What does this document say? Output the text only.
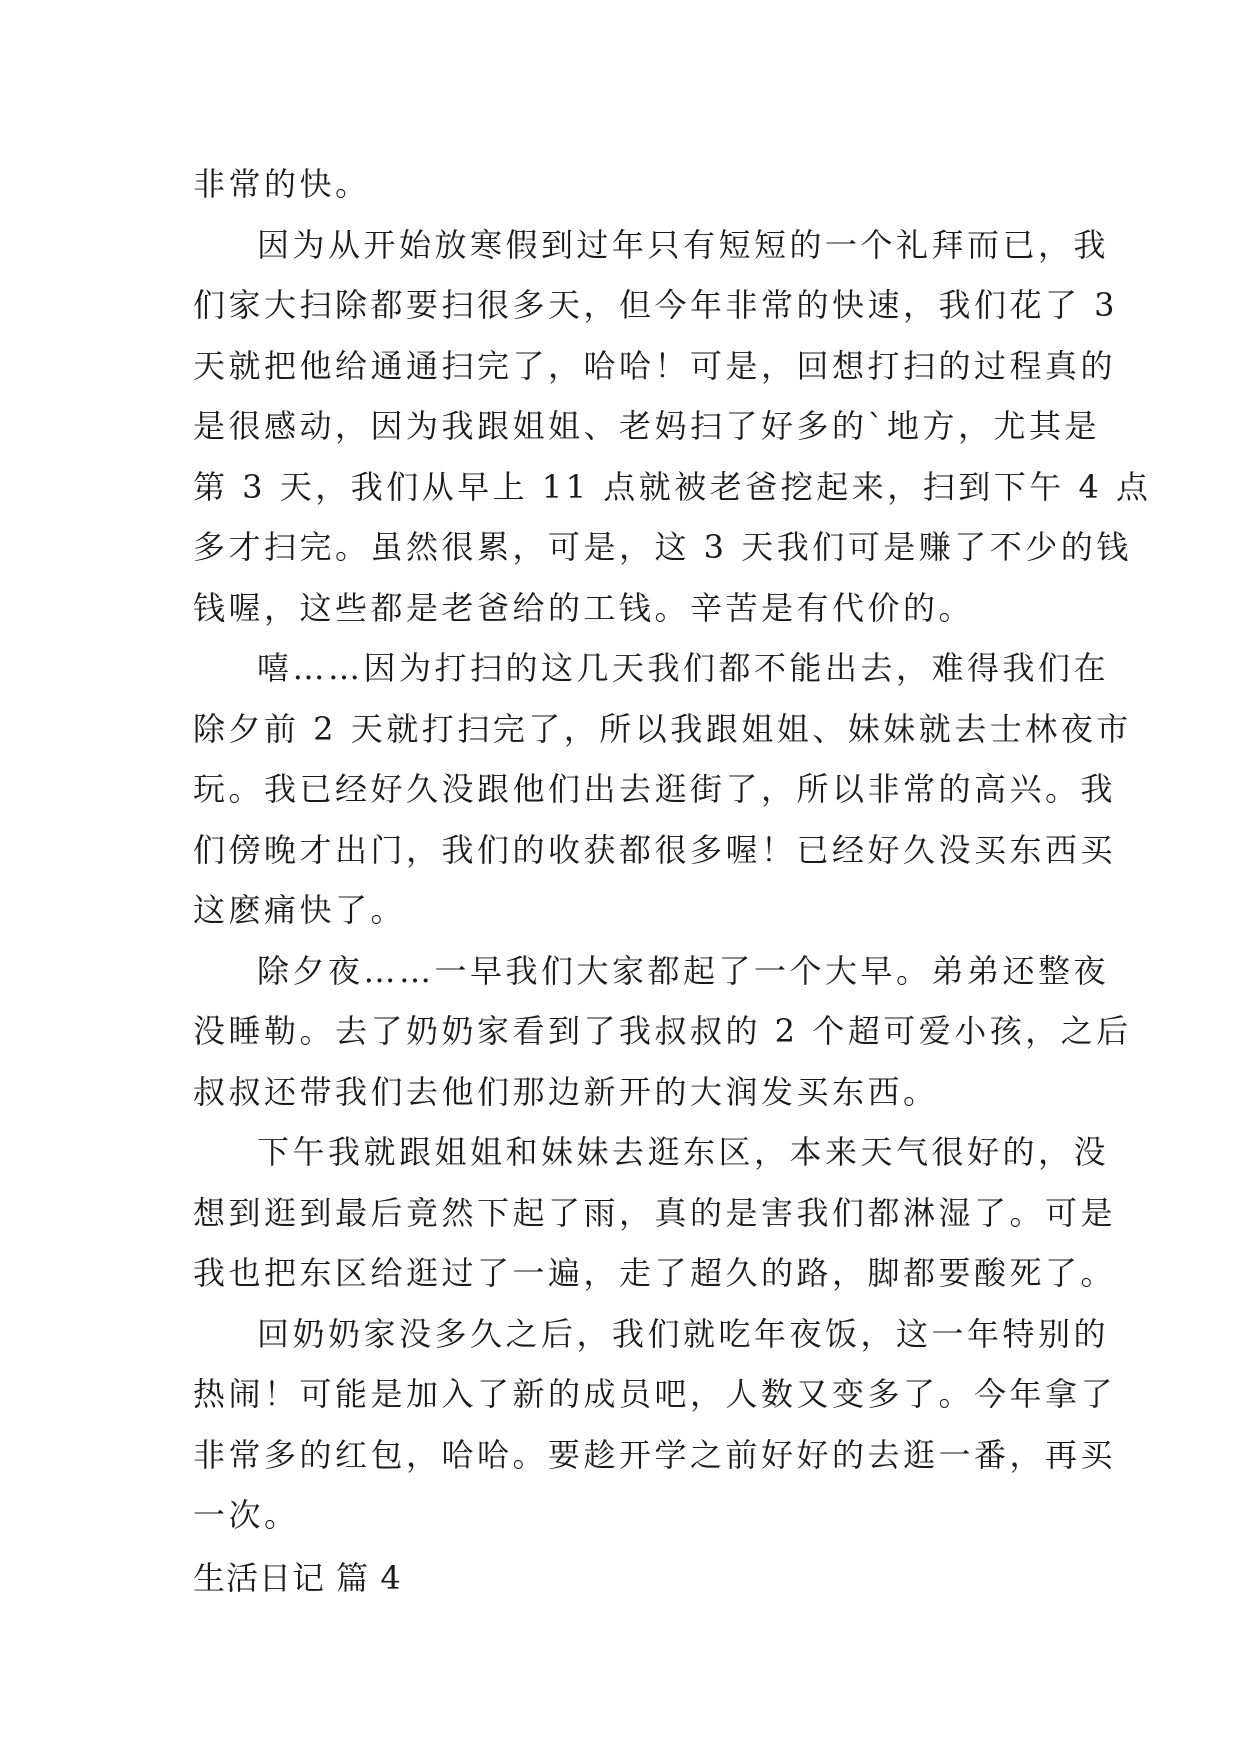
非常的快。
因为从开始放寒假到过年只有短短的一个礼拜而已，我
们家大扫除都要扫很多天，但今年非常的快速，我们花了 3
天就把他给通通扫完了，哈哈！可是，回想打扫的过程真的
是很感动，因为我跟姐姐、老妈扫了好多的`地方，尤其是
第 3 天，我们从早上 11 点就被老爸挖起来，扫到下午 4 点
多才扫完。虽然很累，可是，这 3 天我们可是赚了不少的钱
钱喔，这些都是老爸给的工钱。辛苦是有代价的。
嘻……因为打扫的这几天我们都不能出去，难得我们在
除夕前 2 天就打扫完了，所以我跟姐姐、妹妹就去士林夜市
玩。我已经好久没跟他们出去逛街了，所以非常的高兴。我
们傍晚才出门，我们的收获都很多喔！已经好久没买东西买
这麽痛快了。
除夕夜……一早我们大家都起了一个大早。弟弟还整夜
没睡勒。去了奶奶家看到了我叔叔的 2 个超可爱小孩，之后
叔叔还带我们去他们那边新开的大润发买东西。
下午我就跟姐姐和妹妹去逛东区，本来天气很好的，没
想到逛到最后竟然下起了雨，真的是害我们都淋湿了。可是
我也把东区给逛过了一遍，走了超久的路，脚都要酸死了。
回奶奶家没多久之后，我们就吃年夜饭，这一年特别的
热闹！可能是加入了新的成员吧，人数又变多了。今年拿了
非常多的红包，哈哈。要趁开学之前好好的去逛一番，再买
一次。
生活日记 篇 4
